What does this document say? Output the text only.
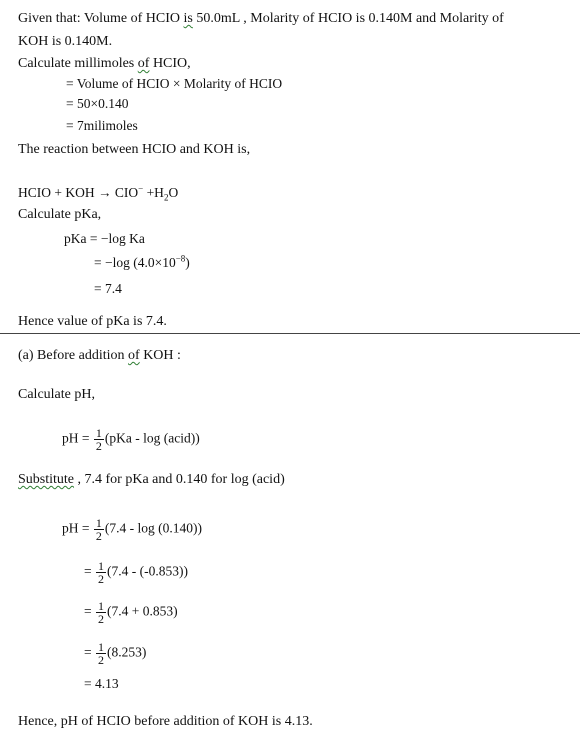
Given that: Volume of HCIO is 50.0mL , Molarity of HCIO is 0.140M and Molarity of
KOH is 0.140M.
Calculate millimoles of HCIO,
= Volume of HCIO × Molarity of HCIO
= 50×0.140
= 7milimoles
The reaction between HCIO and KOH is,
HCIO + KOH → $CIO^- +H_2O$
Calculate pKa,
pKa = −log Ka
= −log $(4.0\times 10^{-8})$
= 7.4
Hence value of pKa is 7.4.
(a) Before addition of KOH :
Calculate pH,
pH = $\frac{1}{2} (pKa$ - log (acid))
Substitute , 7.4 for pKa and 0.140 for log (acid)
pH = $\frac{1}{2} (7.4$ - log (0.140))
= $\frac{1}{2} (7.4 - (-0.853))$
= $\frac{1}{2} (7.4 + 0.853)$
= $\frac{1}{2} (8.253)$
= 4.13
Hence, pH of HCIO before addition of KOH is 4.13.
